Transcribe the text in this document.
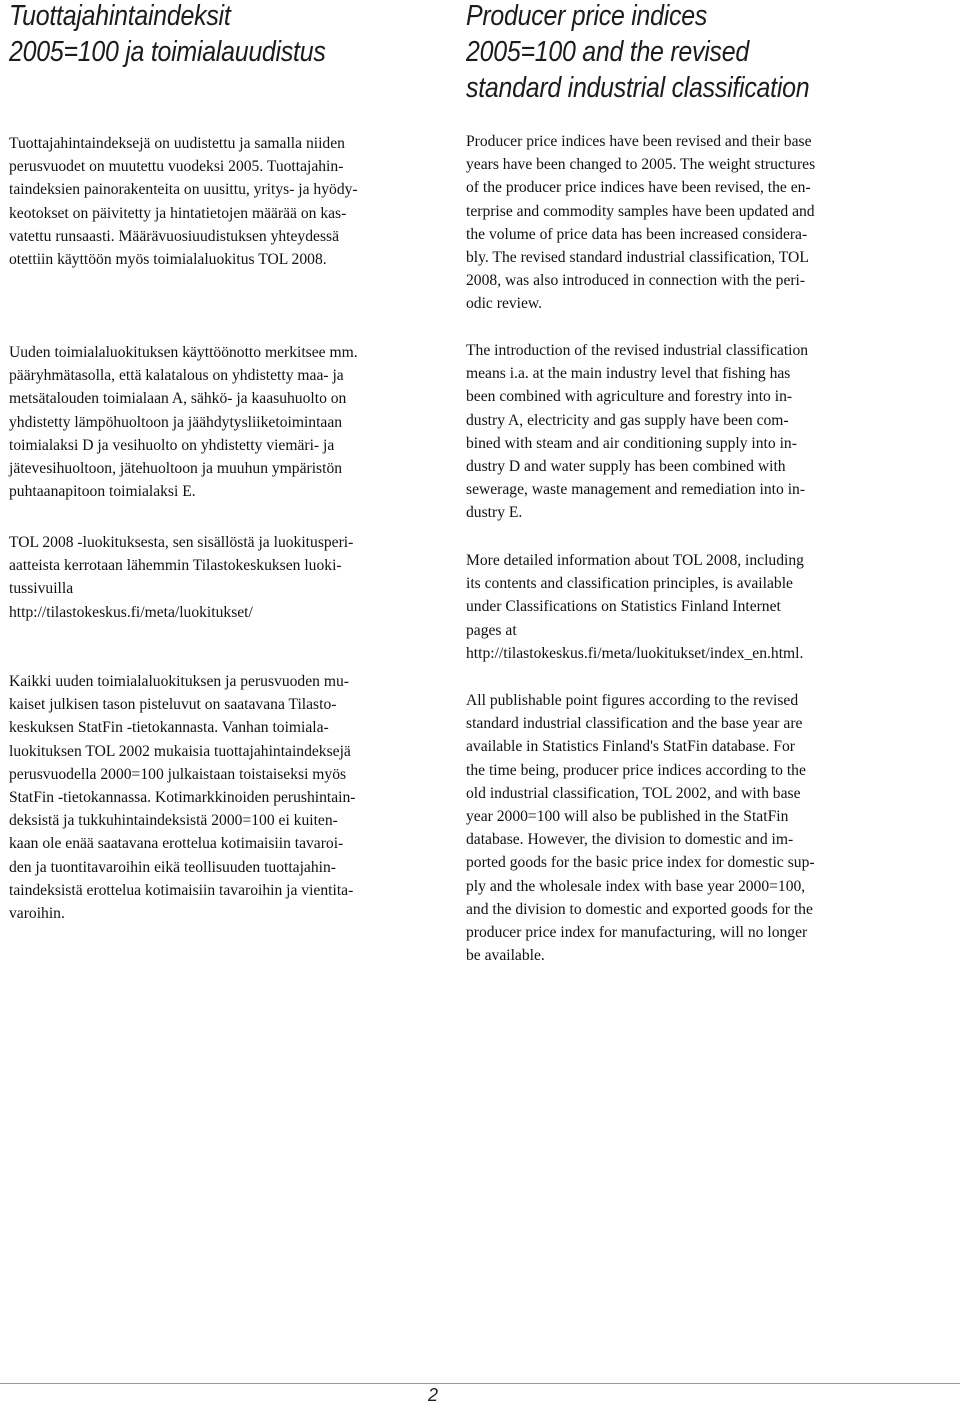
Tuottajahintaindeksit
2005=100 ja toimialauudistus

Tuottajahintaindeksejä on uudistettu ja samalla niiden
perusvuodet on muutettu vuodeksi 2005. Tuottajahin-
taindeksien painorakenteita on uusittu, yritys- ja hyödy-
keotokset on päivitetty ja hintatietojen määrää on kas-
vatettu runsaasti. Määrävuosiuudistuksen yhteydessä
otettiin käyttöön myös toimialaluokitus TOL 2008.

Uuden toimialaluokituksen käyttöönotto merkitsee mm.
pääryhmätasolla, että kalatalous on yhdistetty maa- ja
metsätalouden toimialaan A, sähkö- ja kaasuhuolto on
yhdistetty lämpöhuoltoon ja jäähdytysliiketoimintaan
toimialaksi D ja vesihuolto on yhdistetty viemäri- ja
jätevesihuoltoon, jätehuoltoon ja muuhun ympäristön
puhtaanapitoon toimialaksi E.

TOL 2008 -luokituksesta, sen sisällöstä ja luokitusperi-
aatteista kerrotaan lähemmin Tilastokeskuksen luoki-
tussivuilla
http://tilastokeskus.fi/meta/luokitukset/

Kaikki uuden toimialaluokituksen ja perusvuoden mu-
kaiset julkisen tason pisteluvut on saatavana Tilasto-
keskuksen StatFin -tietokannasta. Vanhan toimiala-
luokituksen TOL 2002 mukaisia tuottajahintaindeksejä
perusvuodella 2000=100 julkaistaan toistaiseksi myös
StatFin -tietokannassa. Kotimarkkinoiden perushintain-
deksistä ja tukkuhintaindeksistä 2000=100 ei kuiten-
kaan ole enää saatavana erottelua kotimaisiin tavaroi-
den ja tuontitavaroihin eikä teollisuuden tuottajahin-
taindeksistä erottelua kotimaisiin tavaroihin ja vientita-
varoihin.

Producer price indices
2005=100 and the revised
standard industrial classification

Producer price indices have been revised and their base
years have been changed to 2005. The weight structures
of the producer price indices have been revised, the en-
terprise and commodity samples have been updated and
the volume of price data has been increased considera-
bly. The revised standard industrial classification, TOL
2008, was also introduced in connection with the peri-
odic review.

The introduction of the revised industrial classification
means i.a. at the main industry level that fishing has
been combined with agriculture and forestry into in-
dustry A, electricity and gas supply have been com-
bined with steam and air conditioning supply into in-
dustry D and water supply has been combined with
sewerage, waste management and remediation into in-
dustry E.

More detailed information about TOL 2008, including
its contents and classification principles, is available
under Classifications on Statistics Finland Internet
pages at
http://tilastokeskus.fi/meta/luokitukset/index_en.html.

All publishable point figures according to the revised
standard industrial classification and the base year are
available in Statistics Finland's StatFin database. For
the time being, producer price indices according to the
old industrial classification, TOL 2002, and with base
year 2000=100 will also be published in the StatFin
database. However, the division to domestic and im-
ported goods for the basic price index for domestic sup-
ply and the wholesale index with base year 2000=100,
and the division to domestic and exported goods for the
producer price index for manufacturing, will no longer
be available.

2
